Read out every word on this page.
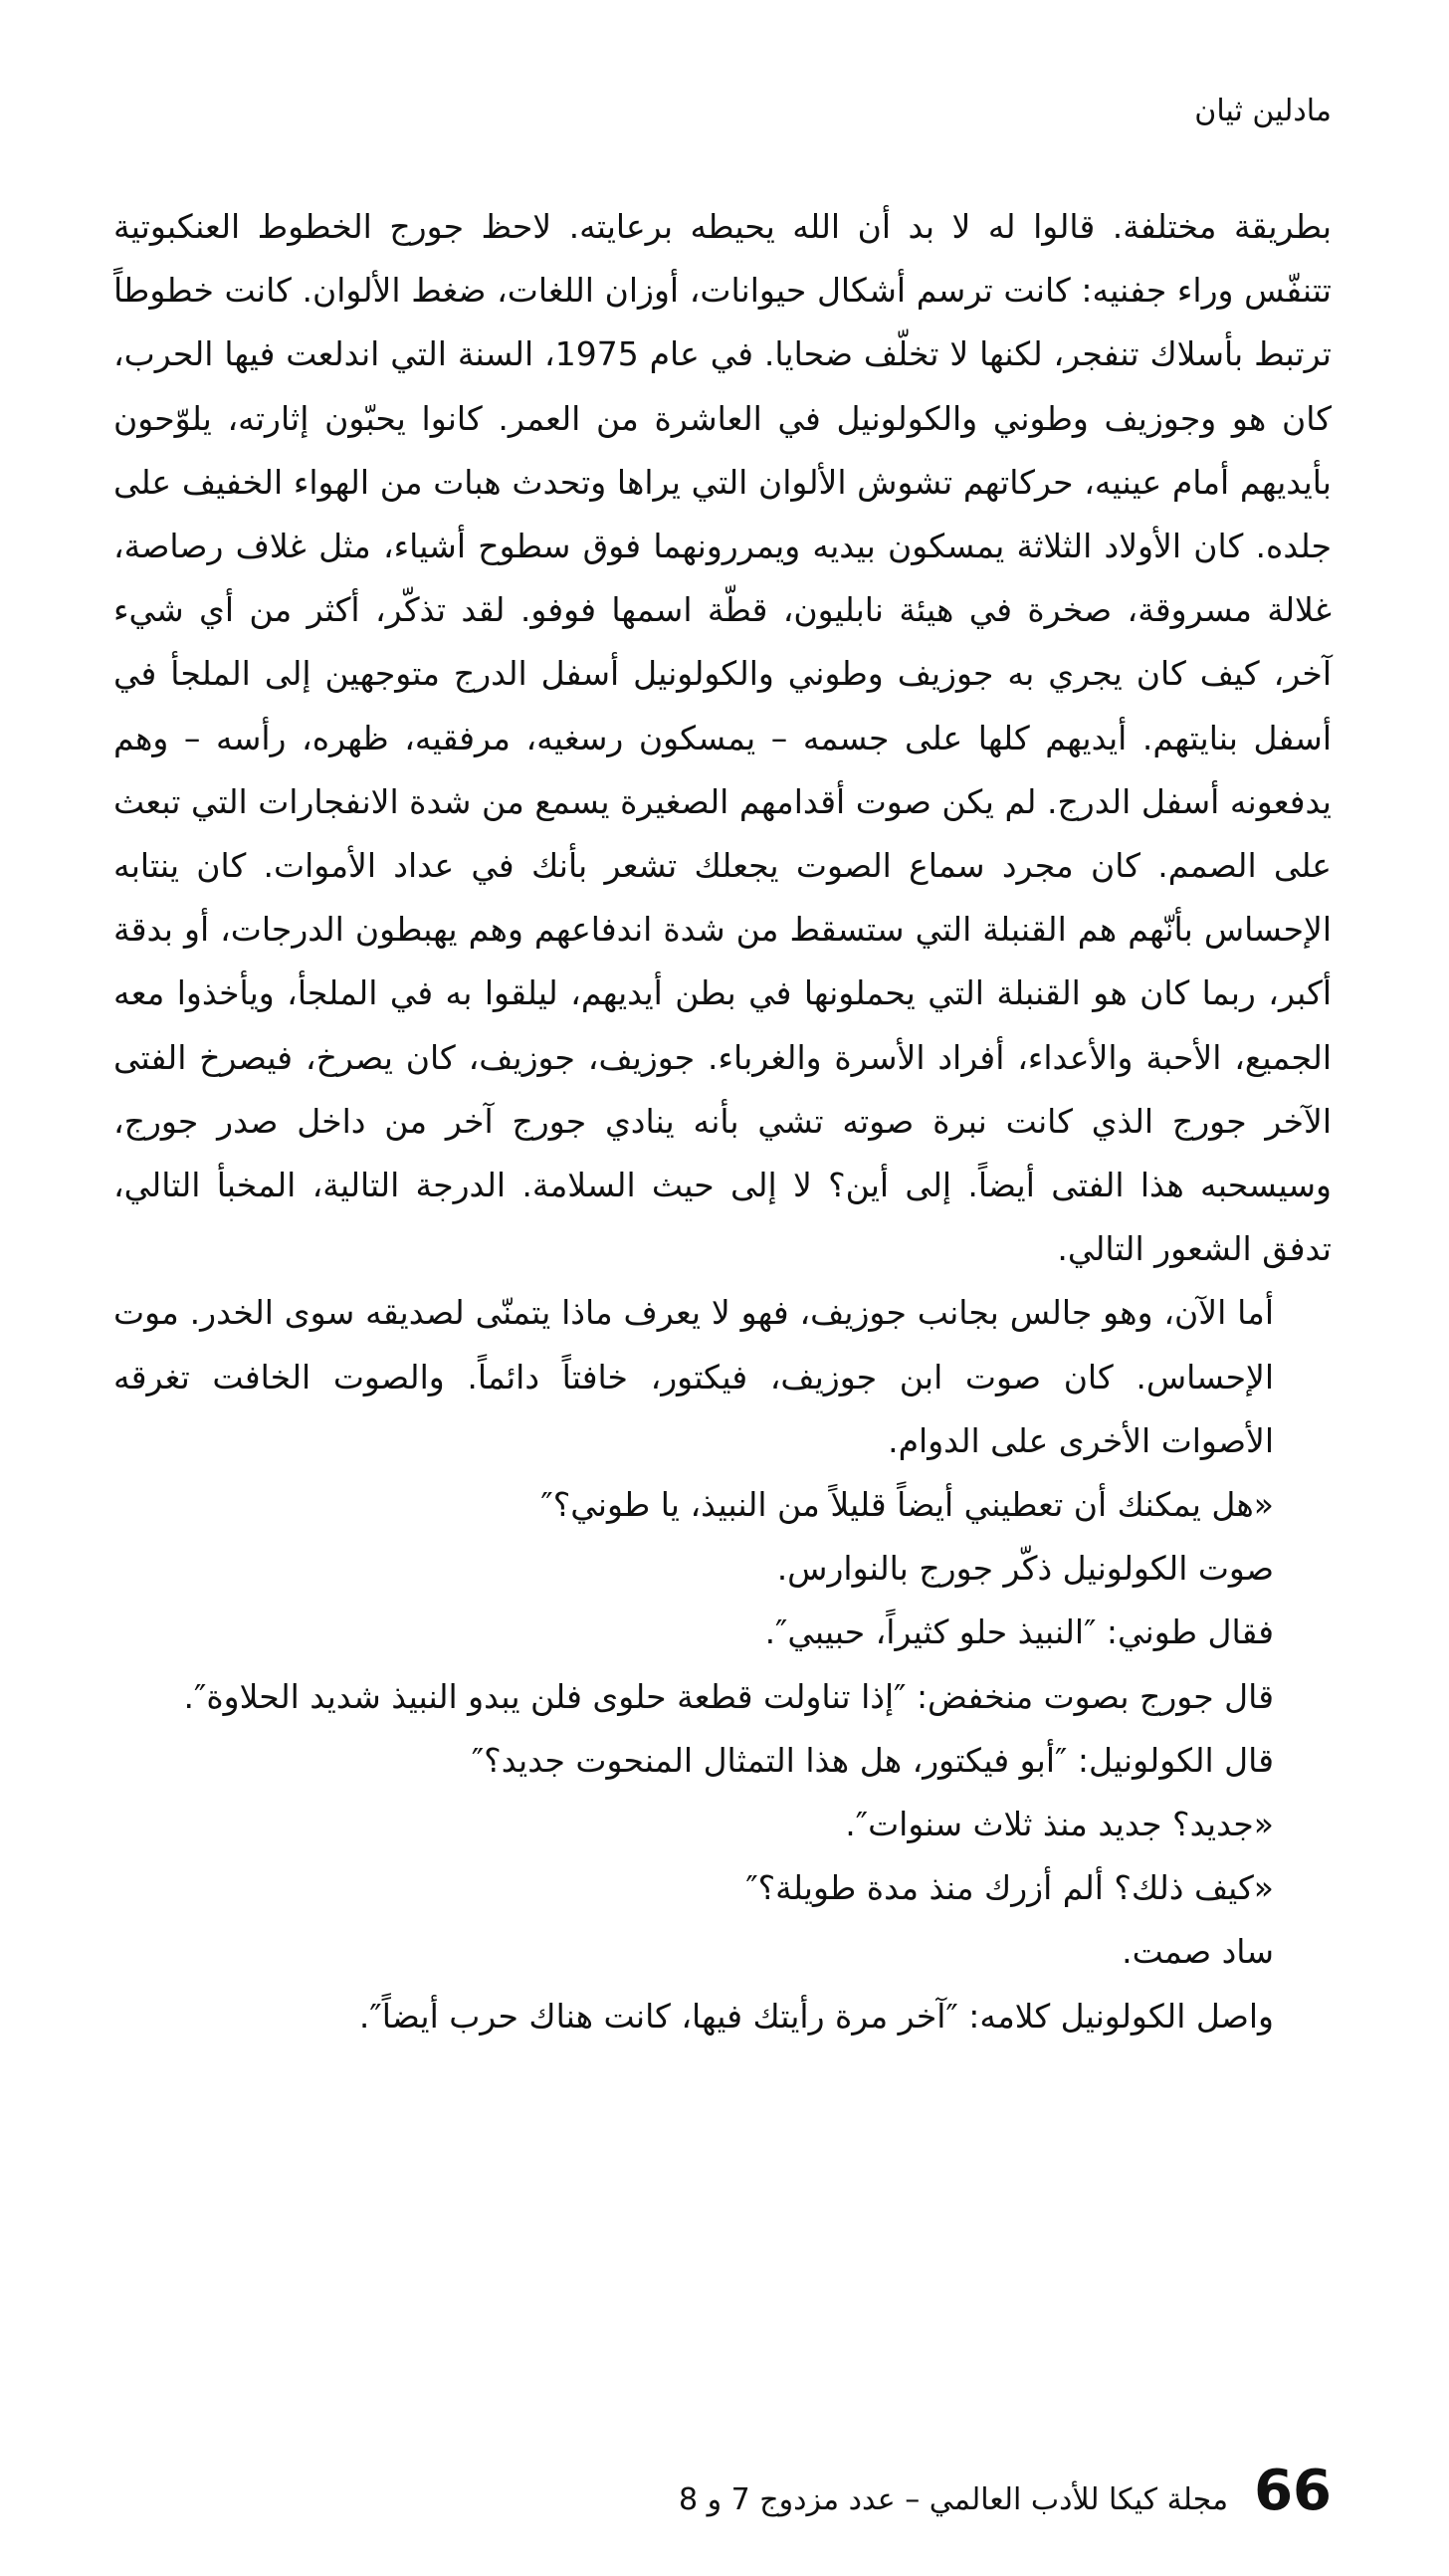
مادلين ثيان

بطريقة مختلفة. قالوا له لا بد أن الله يحيطه برعايته. لاحظ جورج الخطوط العنكبوتية تتنفّس وراء جفنيه: كانت ترسم أشكال حيوانات، أوزان اللغات، ضغط الألوان. كانت خطوطاً ترتبط بأسلاك تنفجر، لكنها لا تخلّف ضحايا. في عام 1975، السنة التي اندلعت فيها الحرب، كان هو وجوزيف وطوني والكولونيل في العاشرة من العمر. كانوا يحبّون إثارته، يلوّحون بأيديهم أمام عينيه، حركاتهم تشوش الألوان التي يراها وتحدث هبات من الهواء الخفيف على جلده. كان الأولاد الثلاثة يمسكون بيديه ويمررونهما فوق سطوح أشياء، مثل غلاف رصاصة، غلالة مسروقة، صخرة في هيئة نابليون، قطّة اسمها فوفو. لقد تذكّر، أكثر من أي شيء آخر، كيف كان يجري به جوزيف وطوني والكولونيل أسفل الدرج متوجهين إلى الملجأ في أسفل بنايتهم. أيديهم كلها على جسمه – يمسكون رسغيه، مرفقيه، ظهره، رأسه – وهم يدفعونه أسفل الدرج. لم يكن صوت أقدامهم الصغيرة يسمع من شدة الانفجارات التي تبعث على الصمم. كان مجرد سماع الصوت يجعلك تشعر بأنك في عداد الأموات. كان ينتابه الإحساس بأنّهم هم القنبلة التي ستسقط من شدة اندفاعهم وهم يهبطون الدرجات، أو بدقة أكبر، ربما كان هو القنبلة التي يحملونها في بطن أيديهم، ليلقوا به في الملجأ، ويأخذوا معه الجميع، الأحبة والأعداء، أفراد الأسرة والغرباء. جوزيف، جوزيف، كان يصرخ، فيصرخ الفتى الآخر جورج الذي كانت نبرة صوته تشي بأنه ينادي جورج آخر من داخل صدر جورج، وسيسحبه هذا الفتى أيضاً. إلى أين؟ لا إلى حيث السلامة. الدرجة التالية، المخبأ التالي، تدفق الشعور التالي.

أما الآن، وهو جالس بجانب جوزيف، فهو لا يعرف ماذا يتمنّى لصديقه سوى الخدر. موت الإحساس. كان صوت ابن جوزيف، فيكتور، خافتاً دائماً. والصوت الخافت تغرقه الأصوات الأخرى على الدوام.

«هل يمكنك أن تعطيني أيضاً قليلاً من النبيذ، يا طوني؟″

صوت الكولونيل ذكّر جورج بالنوارس.

فقال طوني: ″النبيذ حلو كثيراً، حبيبي″.

قال جورج بصوت منخفض: ″إذا تناولت قطعة حلوى فلن يبدو النبيذ شديد الحلاوة″.

قال الكولونيل: ″أبو فيكتور، هل هذا التمثال المنحوت جديد؟″

«جديد؟ جديد منذ ثلاث سنوات″.

«كيف ذلك؟ ألم أزرك منذ مدة طويلة؟″

ساد صمت.

واصل الكولونيل كلامه: ″آخر مرة رأيتك فيها، كانت هناك حرب أيضاً″.

66
مجلة كيكا للأدب العالمي – عدد مزدوج 7 و 8
